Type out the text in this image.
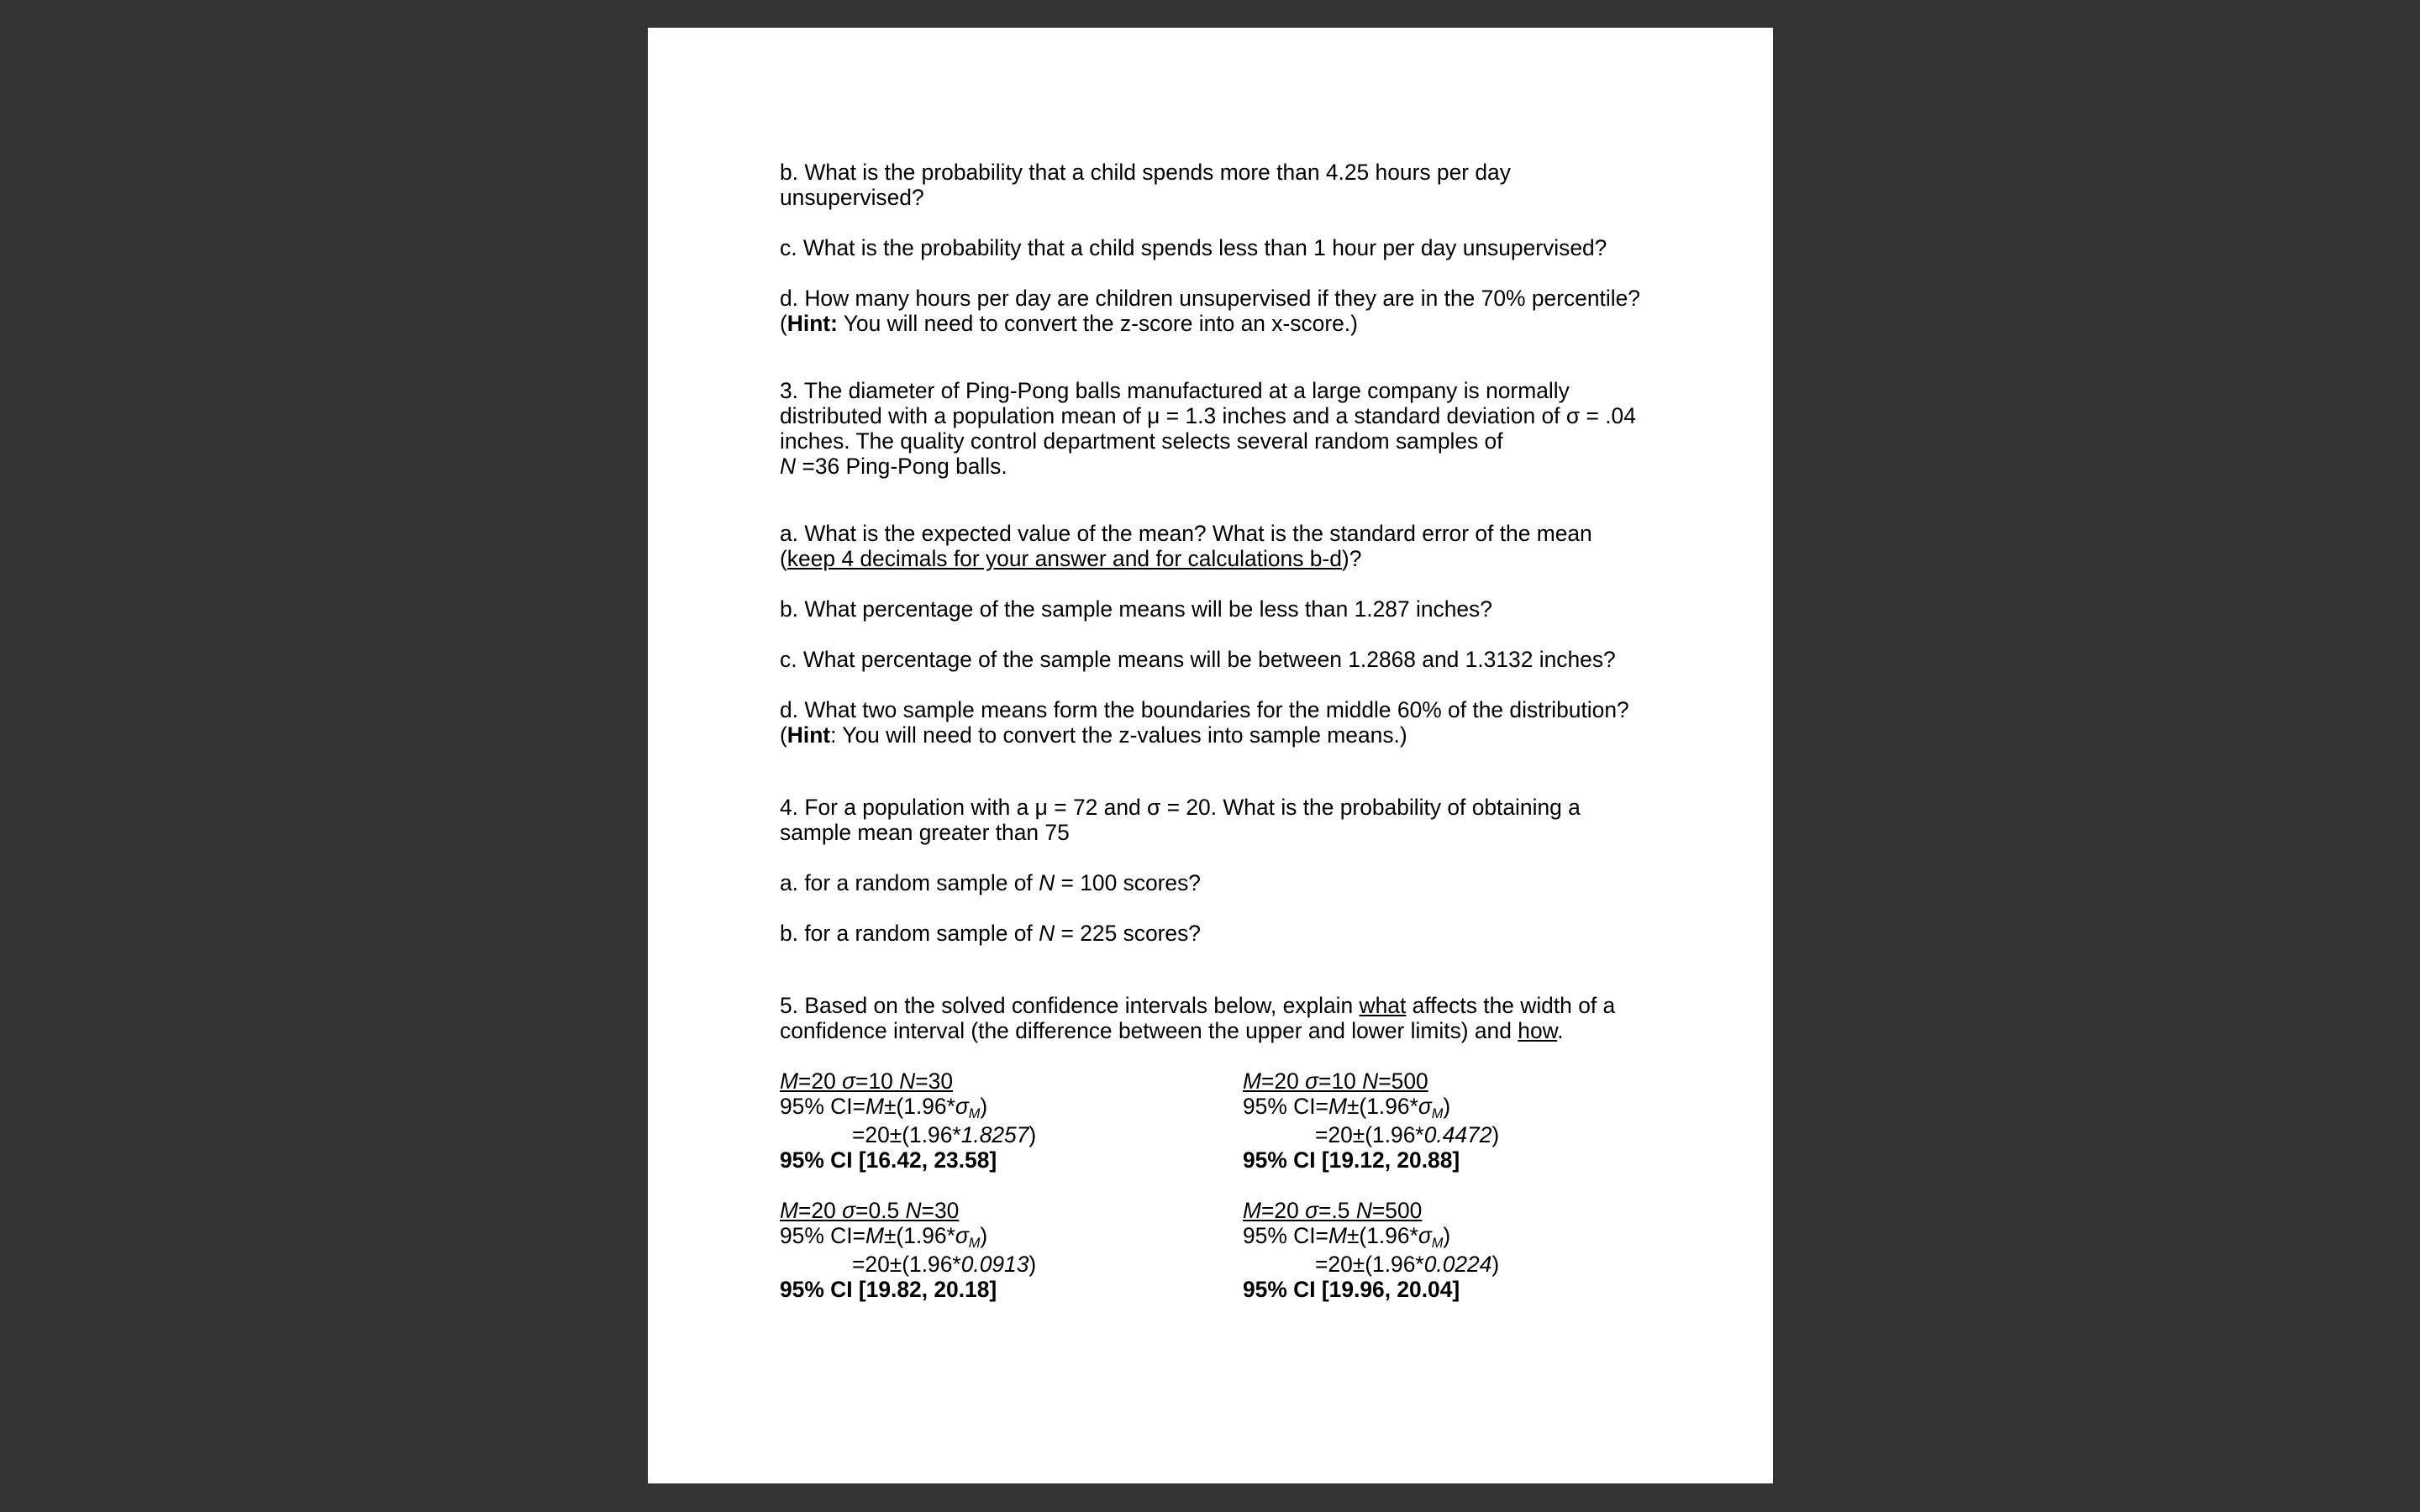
b. What is the probability that a child spends more than 4.25 hours per day unsupervised?

c. What is the probability that a child spends less than 1 hour per day unsupervised?

d. How many hours per day are children unsupervised if they are in the 70% percentile?
(Hint: You will need to convert the z-score into an x-score.)

3. The diameter of Ping-Pong balls manufactured at a large company is normally distributed with a population mean of μ = 1.3 inches and a standard deviation of σ = .04 inches. The quality control department selects several random samples of
N =36 Ping-Pong balls.

a. What is the expected value of the mean? What is the standard error of the mean (keep 4 decimals for your answer and for calculations b-d)?

b. What percentage of the sample means will be less than 1.287 inches?

c. What percentage of the sample means will be between 1.2868 and 1.3132 inches?

d. What two sample means form the boundaries for the middle 60% of the distribution?
(Hint: You will need to convert the z-values into sample means.)

4. For a population with a μ = 72 and σ = 20. What is the probability of obtaining a sample mean greater than 75

a. for a random sample of N = 100 scores?

b. for a random sample of N = 225 scores?

5. Based on the solved confidence intervals below, explain what affects the width of a confidence interval (the difference between the upper and lower limits) and how.

M=20 σ=10 N=30
95% $CI=M\pm(1.96*\sigma_M)$
=20±(1.96*1.8257)
95% CI [16.42, 23.58]
M=20 σ=10 N=500
95% $CI=M\pm(1.96*\sigma_M)$
=20±(1.96*0.4472)
95% CI [19.12, 20.88]
M=20 σ=0.5 N=30
95% $CI=M\pm(1.96*\sigma_M)$
=20±(1.96*0.0913)
95% CI [19.82, 20.18]
M=20 σ=.5 N=500
95% $CI=M\pm(1.96*\sigma_M)$
=20±(1.96*0.0224)
95% CI [19.96, 20.04]
